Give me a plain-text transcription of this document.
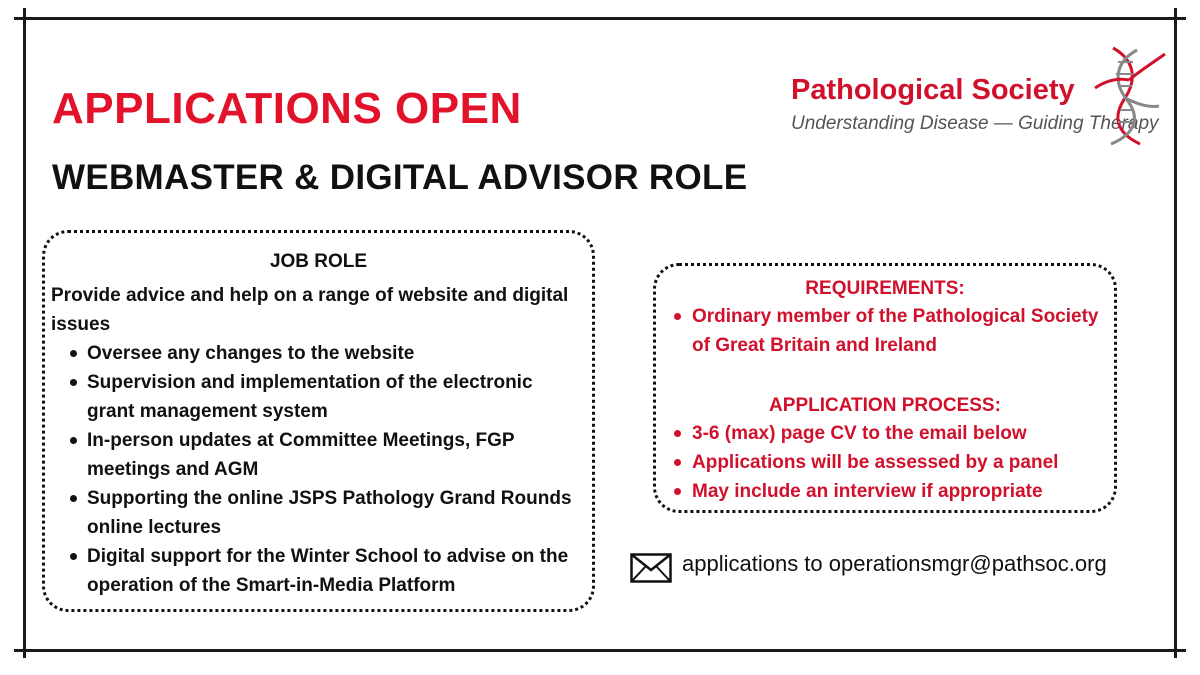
APPLICATIONS OPEN
WEBMASTER & DIGITAL ADVISOR ROLE
Pathological Society
Understanding Disease — Guiding Therapy
JOB ROLE
Provide advice and help on a range of website and digital issues
Oversee any changes to the website
Supervision and implementation of the electronic grant management system
In-person updates at Committee Meetings, FGP meetings and AGM
Supporting the online JSPS Pathology Grand Rounds online lectures
Digital support for the Winter School to advise on the operation of the Smart-in-Media Platform
REQUIREMENTS:
Ordinary member of the Pathological Society of Great Britain and Ireland
APPLICATION PROCESS:
3-6 (max) page CV to the email below
Applications will be assessed by a panel
May include an interview if appropriate
applications to operationsmgr@pathsoc.org
